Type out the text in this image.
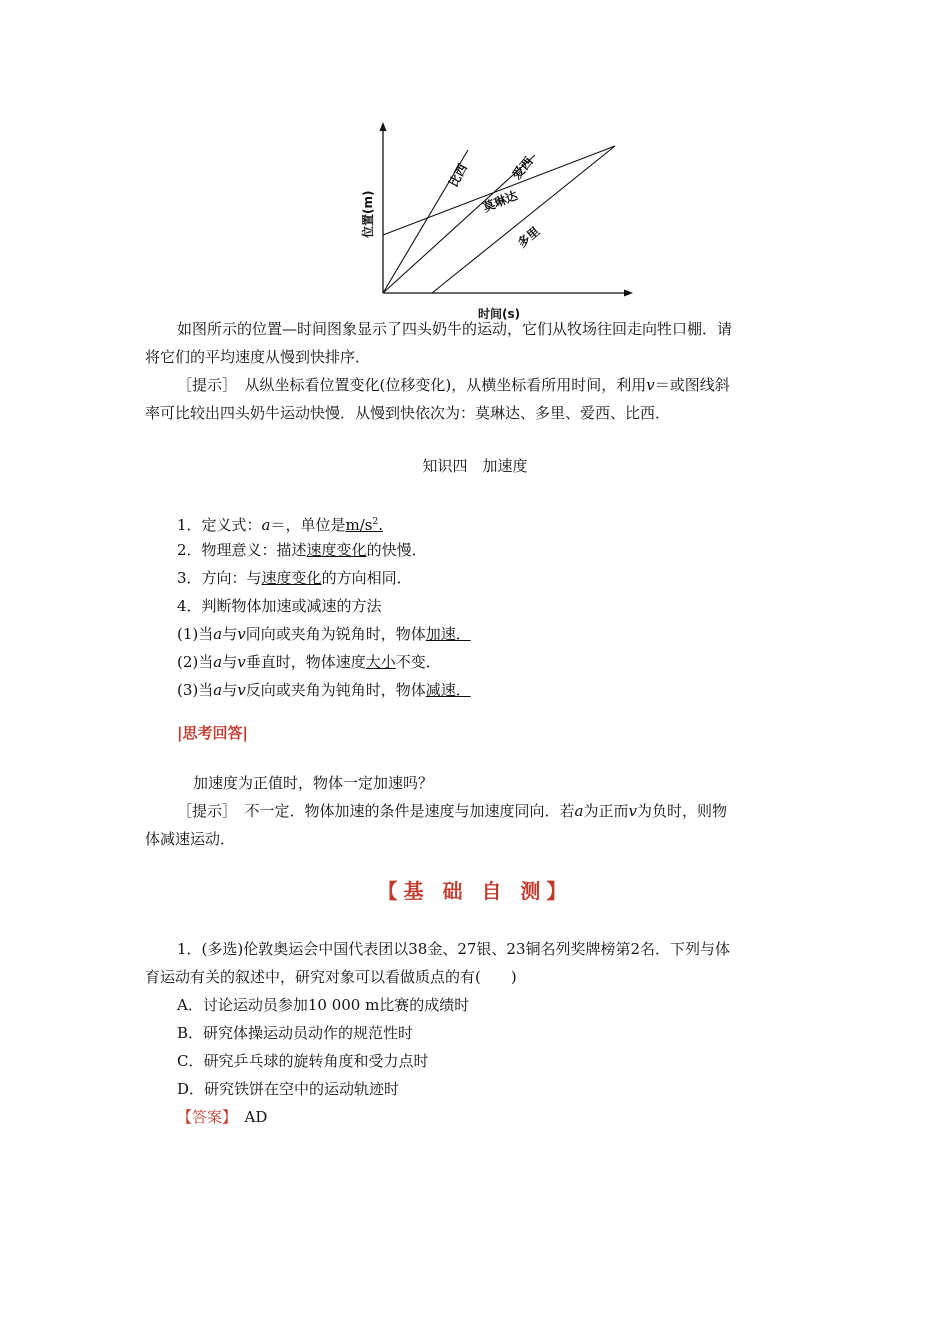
位置(m)
时间(s)
比西	爱西
莫琳达
多里
如图所示的位置—时间图象显示了四头奶牛的运动，它们从牧场往回走向牲口棚．请
将它们的平均速度从慢到快排序．
［提示］　从纵坐标看位置变化(位移变化)，从横坐标看所用时间，利用v＝或图线斜
率可比较出四头奶牛运动快慢．从慢到快依次为：莫琳达、多里、爱西、比西．
知识四　加速度
1．定义式：a＝，单位是$m/s^2$.
2．物理意义：描述速度变化的快慢．
3．方向：与速度变化的方向相同．
4．判断物体加速或减速的方法
(1)当a与v同向或夹角为锐角时，物体加速．
(2)当a与v垂直时，物体速度大小不变．
(3)当a与v反向或夹角为钝角时，物体减速．
|思考回答|
加速度为正值时，物体一定加速吗？
［提示］　不一定．物体加速的条件是速度与加速度同向．若a为正而v为负时，则物
体减速运动．
【基 础 自 测】
1．(多选)伦敦奥运会中国代表团以38金、27银、23铜名列奖牌榜第2名．下列与体
育运动有关的叙述中，研究对象可以看做质点的有(　　)
A．讨论运动员参加10 000 m比赛的成绩时
B．研究体操运动员动作的规范性时
C．研究乒乓球的旋转角度和受力点时
D．研究铁饼在空中的运动轨迹时
【答案】　AD
